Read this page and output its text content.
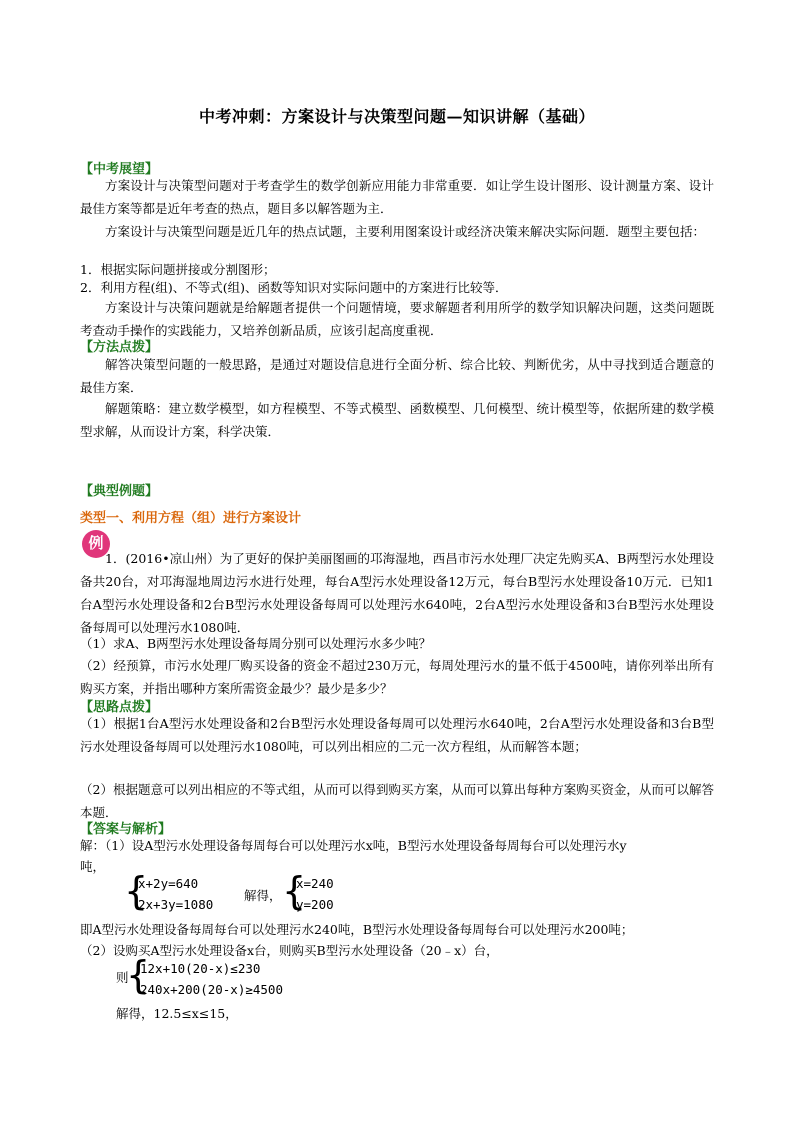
中考冲刺：方案设计与决策型问题—知识讲解（基础）
【中考展望】
方案设计与决策型问题对于考查学生的数学创新应用能力非常重要．如让学生设计图形、设计测量方案、设计最佳方案等都是近年考查的热点，题目多以解答题为主．
方案设计与决策型问题是近几年的热点试题，主要利用图案设计或经济决策来解决实际问题．题型主要包括：
1．根据实际问题拼接或分割图形；
2．利用方程(组)、不等式(组)、函数等知识对实际问题中的方案进行比较等．
方案设计与决策问题就是给解题者提供一个问题情境，要求解题者利用所学的数学知识解决问题，这类问题既考查动手操作的实践能力，又培养创新品质，应该引起高度重视．
【方法点拨】
解答决策型问题的一般思路，是通过对题设信息进行全面分析、综合比较、判断优劣，从中寻找到适合题意的最佳方案．
解题策略：建立数学模型，如方程模型、不等式模型、函数模型、几何模型、统计模型等，依据所建的数学模型求解，从而设计方案，科学决策．
【典型例题】
类型一、利用方程（组）进行方案设计
例
1．(2016•凉山州）为了更好的保护美丽图画的邛海湿地，西昌市污水处理厂决定先购买A、B两型污水处理设备共20台，对邛海湿地周边污水进行处理，每台A型污水处理设备12万元，每台B型污水处理设备10万元．已知1台A型污水处理设备和2台B型污水处理设备每周可以处理污水640吨，2台A型污水处理设备和3台B型污水处理设备每周可以处理污水1080吨．
（1）求A、B两型污水处理设备每周分别可以处理污水多少吨？
（2）经预算，市污水处理厂购买设备的资金不超过230万元，每周处理污水的量不低于4500吨，请你列举出所有购买方案，并指出哪种方案所需资金最少？最少是多少？
【思路点拨】
（1）根据1台A型污水处理设备和2台B型污水处理设备每周可以处理污水640吨，2台A型污水处理设备和3台B型污水处理设备每周可以处理污水1080吨，可以列出相应的二元一次方程组，从而解答本题；
（2）根据题意可以列出相应的不等式组，从而可以得到购买方案，从而可以算出每种方案购买资金，从而可以解答本题．
【答案与解析】
解：（1）设A型污水处理设备每周每台可以处理污水x吨，B型污水处理设备每周每台可以处理污水y
吨，
{
x+2y=640
2x+3y=1080
解得， {
x=240
y=200
即A型污水处理设备每周每台可以处理污水240吨，B型污水处理设备每周每台可以处理污水200吨；
（2）设购买A型污水处理设备x台，则购买B型污水处理设备（20﹣x）台，
则
{
12x+10(20-x)≤230
240x+200(20-x)≥4500
解得，12.5≤x≤15，
